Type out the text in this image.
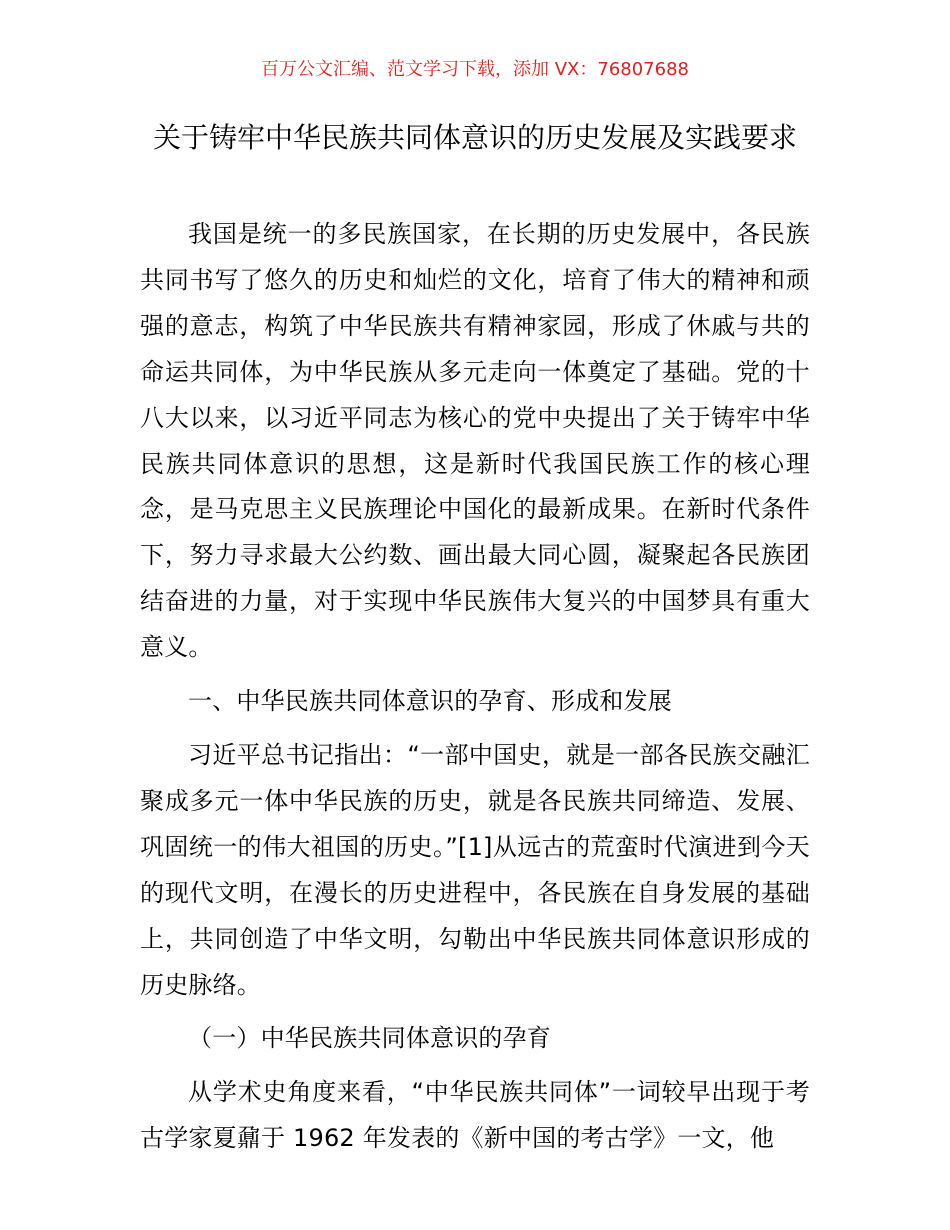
百万公文汇编、范文学习下载，添加 VX：76807688
关于铸牢中华民族共同体意识的历史发展及实践要求

我国是统一的多民族国家，在长期的历史发展中，各民族共同书写了悠久的历史和灿烂的文化，培育了伟大的精神和顽强的意志，构筑了中华民族共有精神家园，形成了休戚与共的命运共同体，为中华民族从多元走向一体奠定了基础。党的十八大以来，以习近平同志为核心的党中央提出了关于铸牢中华民族共同体意识的思想，这是新时代我国民族工作的核心理念，是马克思主义民族理论中国化的最新成果。在新时代条件下，努力寻求最大公约数、画出最大同心圆，凝聚起各民族团结奋进的力量，对于实现中华民族伟大复兴的中国梦具有重大意义。

一、中华民族共同体意识的孕育、形成和发展

习近平总书记指出：“一部中国史，就是一部各民族交融汇聚成多元一体中华民族的历史，就是各民族共同缔造、发展、巩固统一的伟大祖国的历史。”[1]从远古的荒蛮时代演进到今天的现代文明，在漫长的历史进程中，各民族在自身发展的基础上，共同创造了中华文明，勾勒出中华民族共同体意识形成的历史脉络。

（一）中华民族共同体意识的孕育

从学术史角度来看，“中华民族共同体”一词较早出现于考古学家夏鼐于 1962 年发表的《新中国的考古学》一文，他
